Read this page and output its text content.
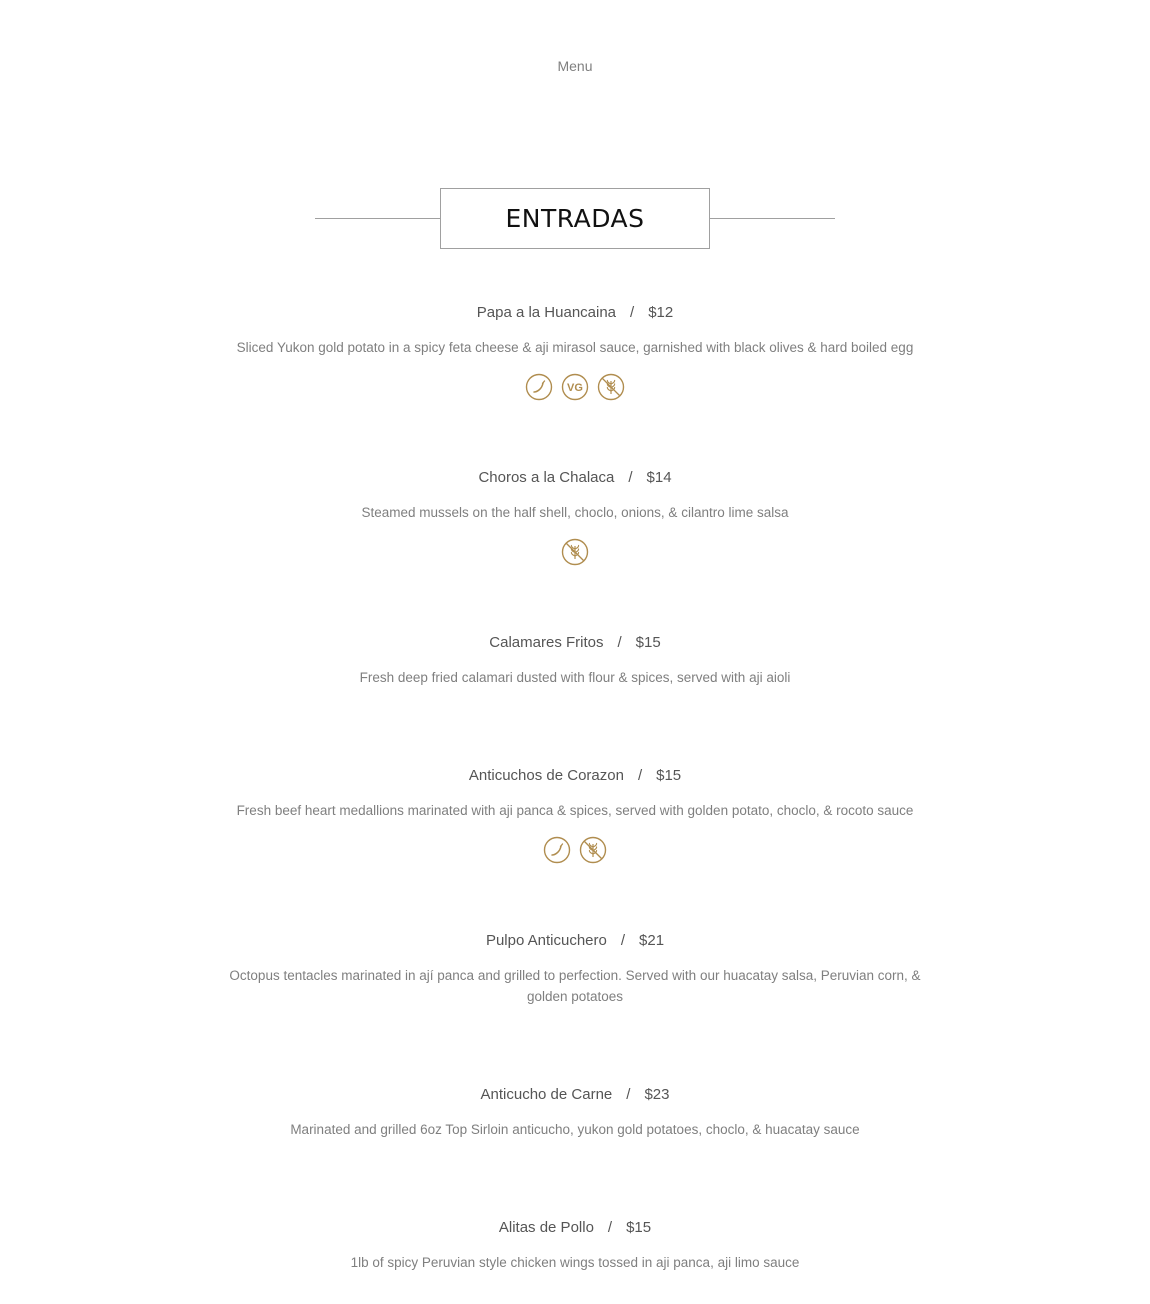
Menu
ENTRADAS
Papa a la Huancaina / $12
Sliced Yukon gold potato in a spicy feta cheese & aji mirasol sauce, garnished with black olives & hard boiled egg
VG
Choros a la Chalaca / $14
Steamed mussels on the half shell, choclo, onions, & cilantro lime salsa
Calamares Fritos / $15
Fresh deep fried calamari dusted with flour & spices, served with aji aioli
Anticuchos de Corazon / $15
Fresh beef heart medallions marinated with aji panca & spices, served with golden potato, choclo, & rocoto sauce
Pulpo Anticuchero / $21
Octopus tentacles marinated in ají panca and grilled to perfection. Served with our huacatay salsa, Peruvian corn, & golden potatoes
Anticucho de Carne / $23
Marinated and grilled 6oz Top Sirloin anticucho, yukon gold potatoes, choclo, & huacatay sauce
Alitas de Pollo / $15
1lb of spicy Peruvian style chicken wings tossed in aji panca, aji limo sauce
